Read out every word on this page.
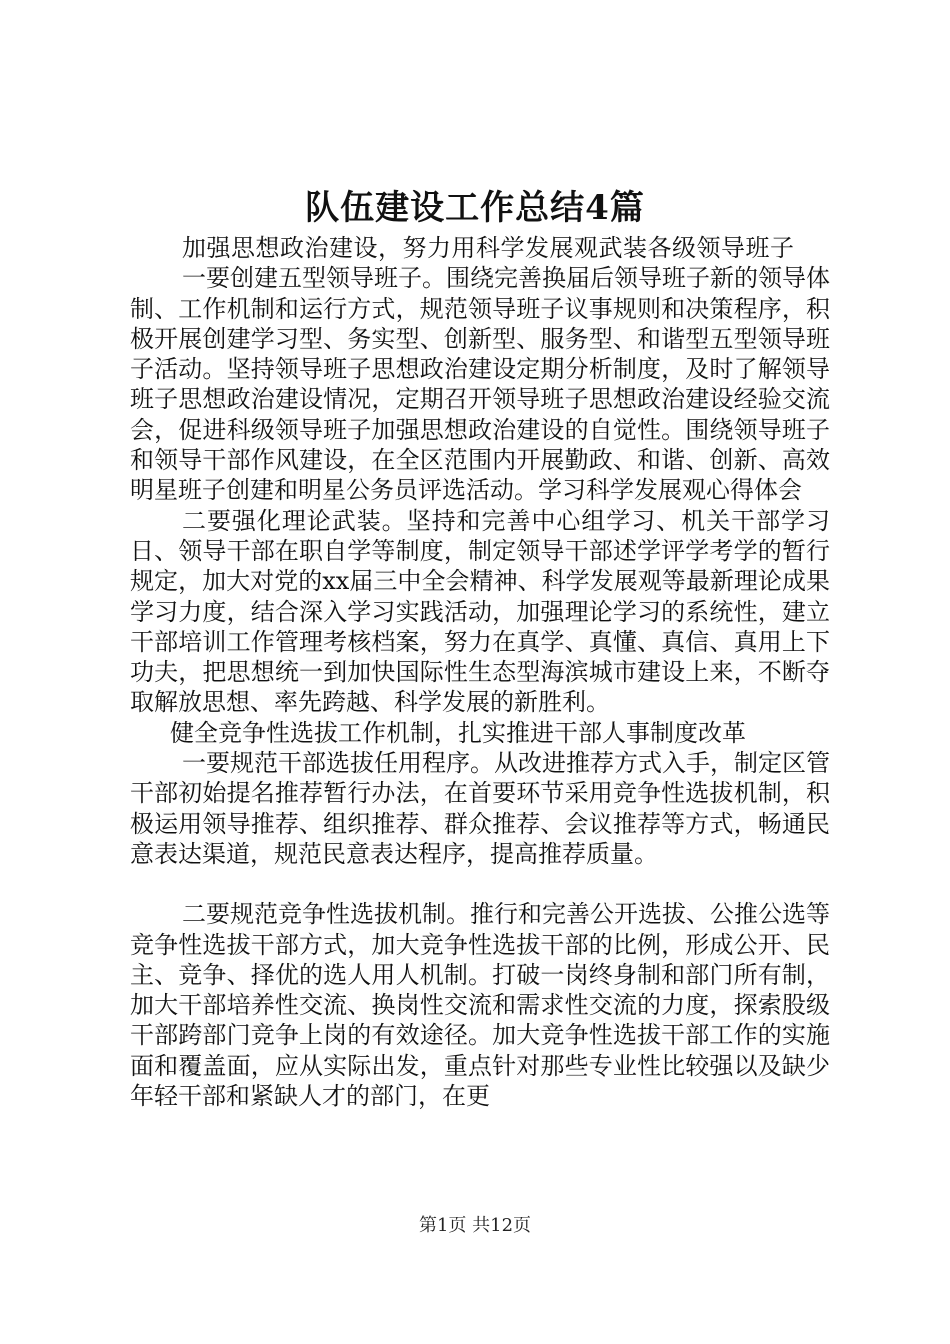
队伍建设工作总结4篇

加强思想政治建设，努力用科学发展观武装各级领导班子

一要创建五型领导班子。围绕完善换届后领导班子新的领导体制、工作机制和运行方式，规范领导班子议事规则和决策程序，积极开展创建学习型、务实型、创新型、服务型、和谐型五型领导班子活动。坚持领导班子思想政治建设定期分析制度，及时了解领导班子思想政治建设情况，定期召开领导班子思想政治建设经验交流会，促进科级领导班子加强思想政治建设的自觉性。围绕领导班子和领导干部作风建设，在全区范围内开展勤政、和谐、创新、高效明星班子创建和明星公务员评选活动。学习科学发展观心得体会

二要强化理论武装。坚持和完善中心组学习、机关干部学习日、领导干部在职自学等制度，制定领导干部述学评学考学的暂行规定，加大对党的xx届三中全会精神、科学发展观等最新理论成果学习力度，结合深入学习实践活动，加强理论学习的系统性，建立干部培训工作管理考核档案，努力在真学、真懂、真信、真用上下功夫，把思想统一到加快国际性生态型海滨城市建设上来，不断夺取解放思想、率先跨越、科学发展的新胜利。

健全竞争性选拔工作机制，扎实推进干部人事制度改革

一要规范干部选拔任用程序。从改进推荐方式入手，制定区管干部初始提名推荐暂行办法，在首要环节采用竞争性选拔机制，积极运用领导推荐、组织推荐、群众推荐、会议推荐等方式，畅通民意表达渠道，规范民意表达程序，提高推荐质量。

二要规范竞争性选拔机制。推行和完善公开选拔、公推公选等竞争性选拔干部方式，加大竞争性选拔干部的比例，形成公开、民主、竞争、择优的选人用人机制。打破一岗终身制和部门所有制，加大干部培养性交流、换岗性交流和需求性交流的力度，探索股级干部跨部门竞争上岗的有效途径。加大竞争性选拔干部工作的实施面和覆盖面，应从实际出发，重点针对那些专业性比较强以及缺少年轻干部和紧缺人才的部门，在更

第1页 共12页
